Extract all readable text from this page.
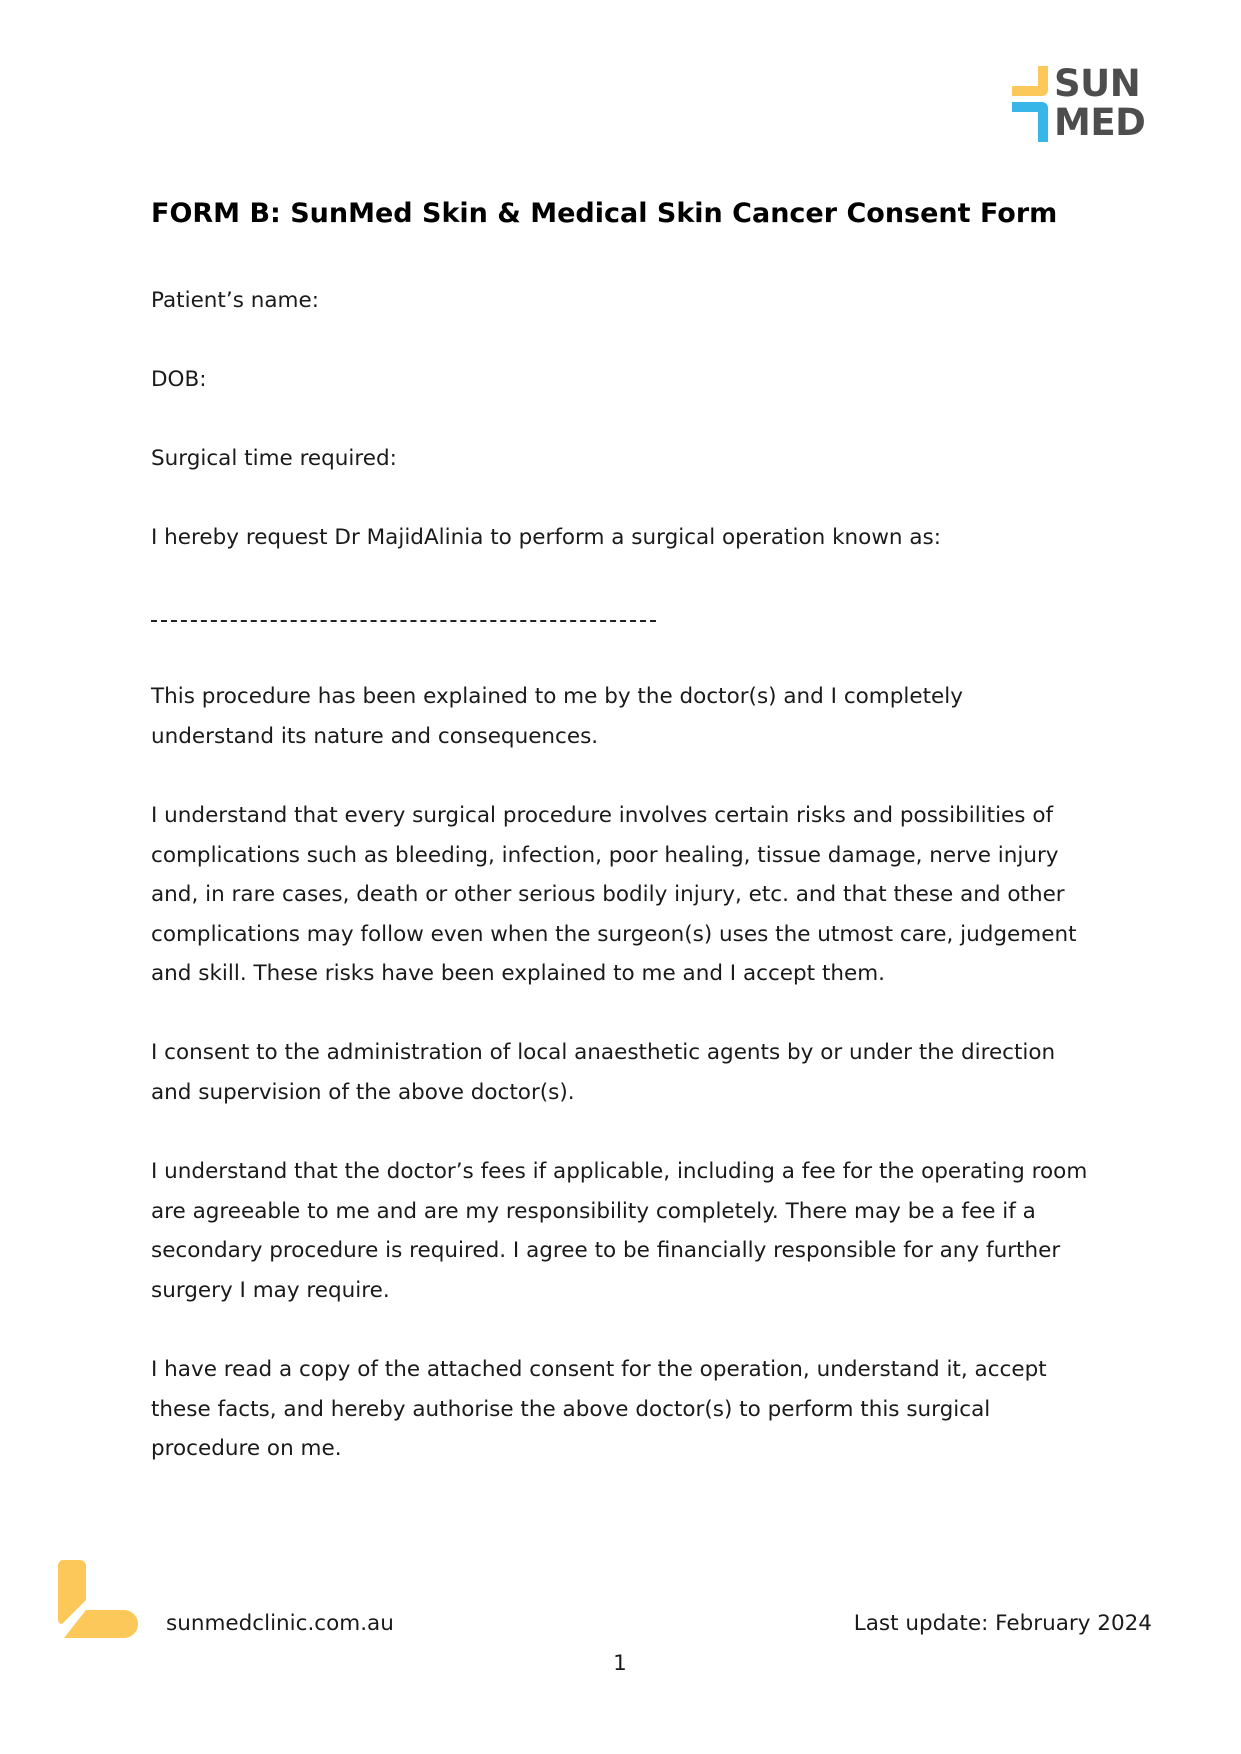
SUN
MED
FORM B: SunMed Skin & Medical Skin Cancer Consent Form
Patient’s name:
DOB:
Surgical time required:
I hereby request Dr MajidAlinia to perform a surgical operation known as:
This procedure has been explained to me by the doctor(s) and I completely
understand its nature and consequences.
I understand that every surgical procedure involves certain risks and possibilities of
complications such as bleeding, infection, poor healing, tissue damage, nerve injury
and, in rare cases, death or other serious bodily injury, etc. and that these and other
complications may follow even when the surgeon(s) uses the utmost care, judgement
and skill. These risks have been explained to me and I accept them.
I consent to the administration of local anaesthetic agents by or under the direction
and supervision of the above doctor(s).
I understand that the doctor’s fees if applicable, including a fee for the operating room
are agreeable to me and are my responsibility completely. There may be a fee if a
secondary procedure is required. I agree to be financially responsible for any further
surgery I may require.
I have read a copy of the attached consent for the operation, understand it, accept
these facts, and hereby authorise the above doctor(s) to perform this surgical
procedure on me.
sunmedclinic.com.au	Last update: February 2024
1
